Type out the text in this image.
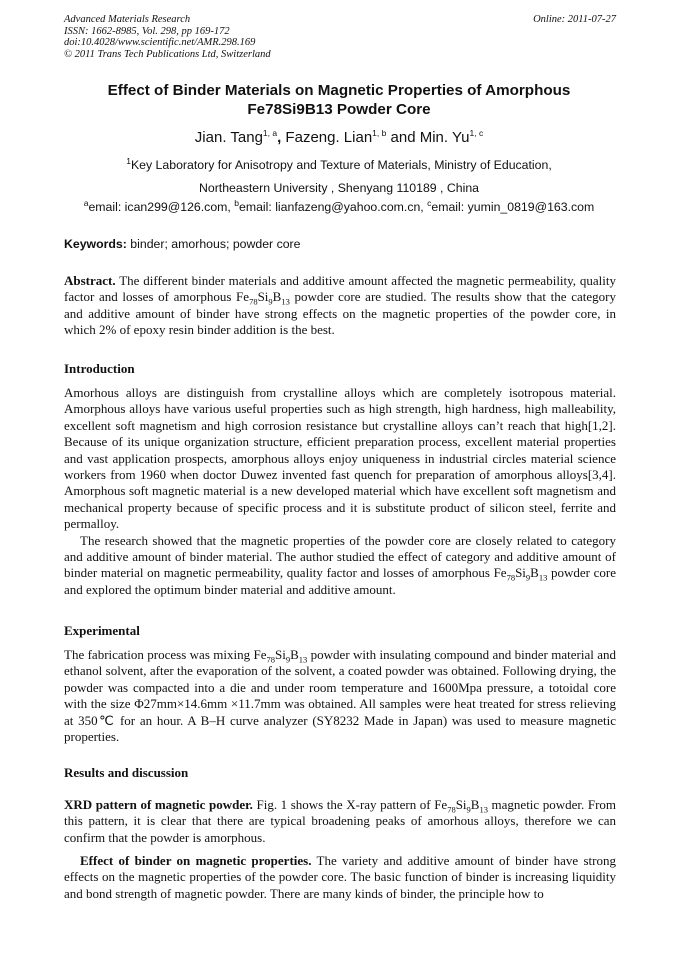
Advanced Materials Research
ISSN: 1662-8985, Vol. 298, pp 169-172
doi:10.4028/www.scientific.net/AMR.298.169
© 2011 Trans Tech Publications Ltd, Switzerland
Online: 2011-07-27
Effect of Binder Materials on Magnetic Properties of Amorphous
Fe78Si9B13 Powder Core
Jian. Tang$^{1, a}$, Fazeng. Lian$^{1, b}$ and Min. Yu$^{1, c}$
$^1$Key Laboratory for Anisotropy and Texture of Materials, Ministry of Education,
Northeastern University , Shenyang 110189 , China
$^a$email: ican299@126.com, $^b$email: lianfazeng@yahoo.com.cn, $^c$email: yumin_0819@163.com
Keywords: binder; amorhous; powder core

Abstract. The different binder materials and additive amount affected the magnetic permeability, quality factor and losses of amorphous $Fe_{78}Si_9B_{13}$ powder core are studied. The results show that the category and additive amount of binder have strong effects on the magnetic properties of the powder core, in which 2% of epoxy resin binder addition is the best.

Introduction

Amorhous alloys are distinguish from crystalline alloys which are completely isotropous material. Amorphous alloys have various useful properties such as high strength, high hardness, high malleability, excellent soft magnetism and high corrosion resistance but crystalline alloys can’t reach that high[1,2]. Because of its unique organization structure, efficient preparation process, excellent material properties and vast application prospects, amorphous alloys enjoy uniqueness in industrial circles material science workers from 1960 when doctor Duwez invented fast quench for preparation of amorphous alloys[3,4]. Amorphous soft magnetic material is a new developed material which have excellent soft magnetism and mechanical property because of specific process and it is substitute product of silicon steel, ferrite and permalloy.

The research showed that the magnetic properties of the powder core are closely related to category and additive amount of binder material. The author studied the effect of category and additive amount of binder material on magnetic permeability, quality factor and losses of amorphous $Fe_{78}Si_9B_{13}$ powder core and explored the optimum binder material and additive amount.

Experimental

The fabrication process was mixing $Fe_{78}Si_9B_{13}$ powder with insulating compound and binder material and ethanol solvent, after the evaporation of the solvent, a coated powder was obtained. Following drying, the powder was compacted into a die and under room temperature and 1600Mpa pressure, a totoidal core with the size Φ27mm×14.6mm ×11.7mm was obtained. All samples were heat treated for stress relieving at 350℃ for an hour. A B–H curve analyzer (SY8232 Made in Japan) was used to measure magnetic properties.

Results and discussion

XRD pattern of magnetic powder. Fig. 1 shows the X-ray pattern of $Fe_{78}Si_9B_{13}$ magnetic powder. From this pattern, it is clear that there are typical broadening peaks of amorhous alloys, therefore we can confirm that the powder is amorphous.

Effect of binder on magnetic properties. The variety and additive amount of binder have strong effects on the magnetic properties of the powder core. The basic function of binder is increasing liquidity and bond strength of magnetic powder. There are many kinds of binder, the principle how to
